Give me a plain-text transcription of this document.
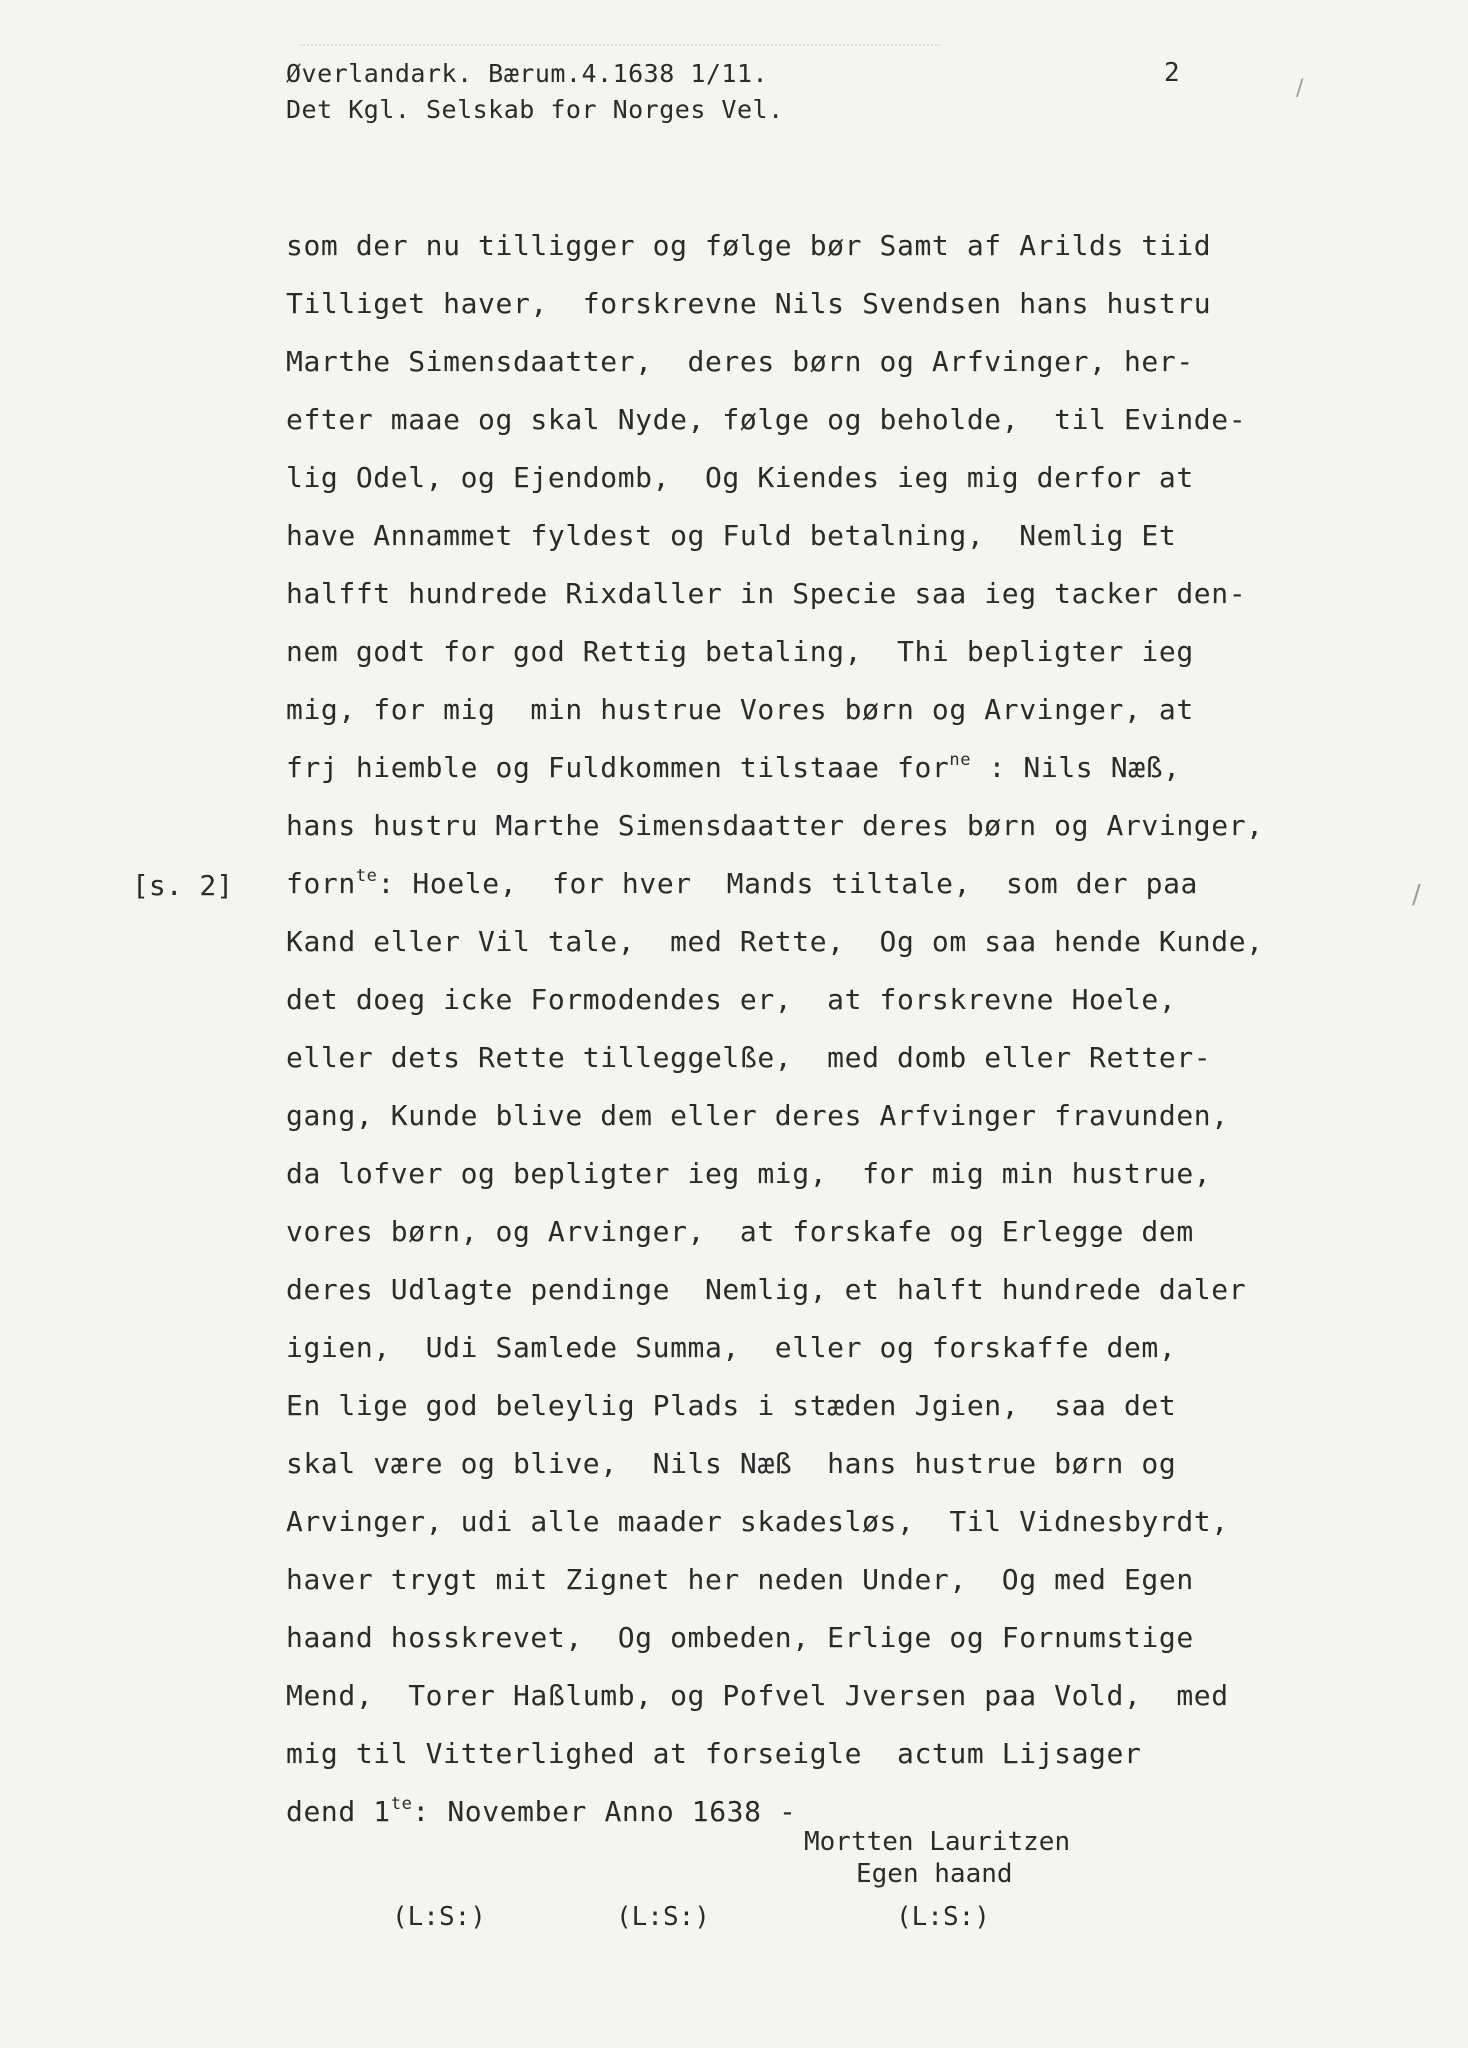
Øverlandark. Bærum.4.1638 1/11.
Det Kgl. Selskab for Norges Vel.
2
/
/
[s. 2]
som der nu tilligger og følge bør Samt af Arilds tiid
Tilliget haver,  forskrevne Nils Svendsen hans hustru
Marthe Simensdaatter,  deres børn og Arfvinger, her-
efter maae og skal Nyde, følge og beholde,  til Evinde-
lig Odel, og Ejendomb,  Og Kiendes ieg mig derfor at
have Annammet fyldest og Fuld betalning,  Nemlig Et
halfft hundrede Rixdaller in Specie saa ieg tacker den-
nem godt for god Rettig betaling,  Thi bepligter ieg
mig, for mig  min hustrue Vores børn og Arvinger, at
frj hiemble og Fuldkommen tilstaae for$^{ne}$ : Nils Næß,
hans hustru Marthe Simensdaatter deres børn og Arvinger,
forn$^{te}$: Hoele,  for hver  Mands tiltale,  som der paa
Kand eller Vil tale,  med Rette,  Og om saa hende Kunde,
det doeg icke Formodendes er,  at forskrevne Hoele,
eller dets Rette tilleggelße,  med domb eller Retter-
gang, Kunde blive dem eller deres Arfvinger fravunden,
da lofver og bepligter ieg mig,  for mig min hustrue,
vores børn, og Arvinger,  at forskafe og Erlegge dem
deres Udlagte pendinge  Nemlig, et halft hundrede daler
igien,  Udi Samlede Summa,  eller og forskaffe dem,
En lige god beleylig Plads i stæden Jgien,  saa det
skal være og blive,  Nils Næß  hans hustrue børn og
Arvinger, udi alle maader skadesløs,  Til Vidnesbyrdt,
haver trygt mit Zignet her neden Under,  Og med Egen
haand hosskrevet,  Og ombeden, Erlige og Fornumstige
Mend,  Torer Haßlumb, og Pofvel Jversen paa Vold,  med
mig til Vitterlighed at forseigle  actum Lijsager
dend $1^{te}$: November Anno 1638 -
Mortten Lauritzen
Egen haand
(L:S:)	(L:S:)	(L:S:)
